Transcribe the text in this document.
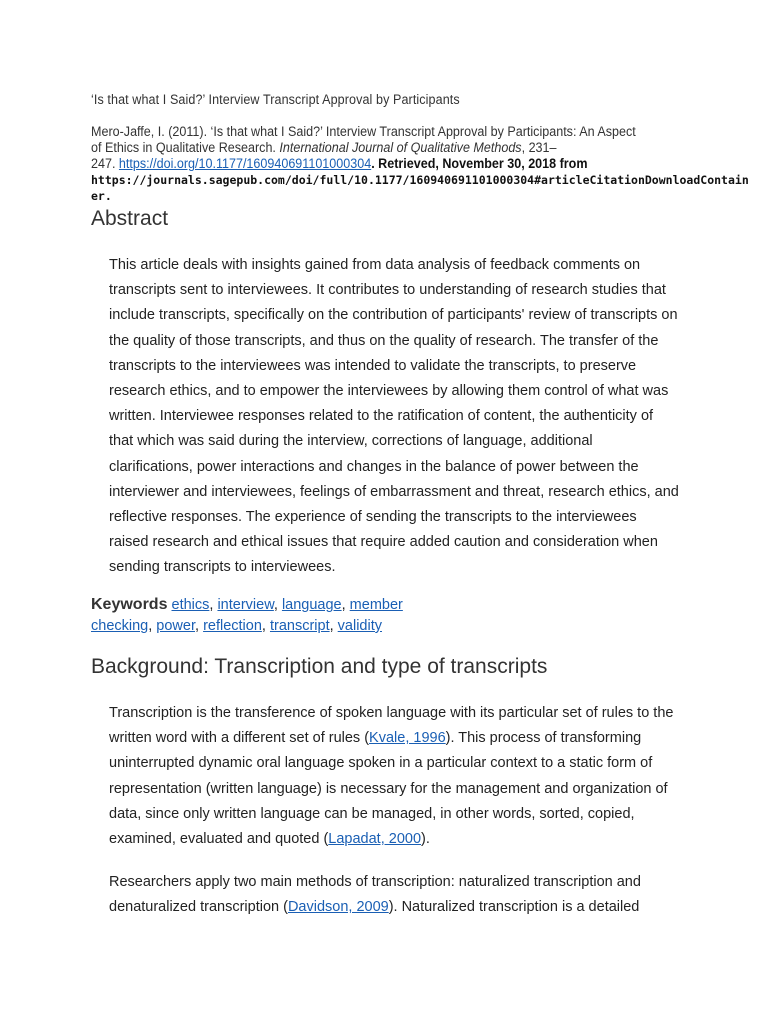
‘Is that what I Said?’ Interview Transcript Approval by Participants
Mero-Jaffe, I. (2011). ‘Is that what I Said?’ Interview Transcript Approval by Participants: An Aspect
of Ethics in Qualitative Research. International Journal of Qualitative Methods, 231–
247. https://doi.org/10.1177/160940691101000304. Retrieved, November 30, 2018 from
https://journals.sagepub.com/doi/full/10.1177/160940691101000304#articleCitationDownloadContain
er.
Abstract
This article deals with insights gained from data analysis of feedback comments on transcripts sent to interviewees. It contributes to understanding of research studies that include transcripts, specifically on the contribution of participants' review of transcripts on the quality of those transcripts, and thus on the quality of research. The transfer of the transcripts to the interviewees was intended to validate the transcripts, to preserve research ethics, and to empower the interviewees by allowing them control of what was written. Interviewee responses related to the ratification of content, the authenticity of that which was said during the interview, corrections of language, additional clarifications, power interactions and changes in the balance of power between the interviewer and interviewees, feelings of embarrassment and threat, research ethics, and reflective responses. The experience of sending the transcripts to the interviewees raised research and ethical issues that require added caution and consideration when sending transcripts to interviewees.
Keywords ethics, interview, language, member checking, power, reflection, transcript, validity
Background: Transcription and type of transcripts
Transcription is the transference of spoken language with its particular set of rules to the written word with a different set of rules (Kvale, 1996). This process of transforming uninterrupted dynamic oral language spoken in a particular context to a static form of representation (written language) is necessary for the management and organization of data, since only written language can be managed, in other words, sorted, copied, examined, evaluated and quoted (Lapadat, 2000).
Researchers apply two main methods of transcription: naturalized transcription and denaturalized transcription (Davidson, 2009). Naturalized transcription is a detailed
